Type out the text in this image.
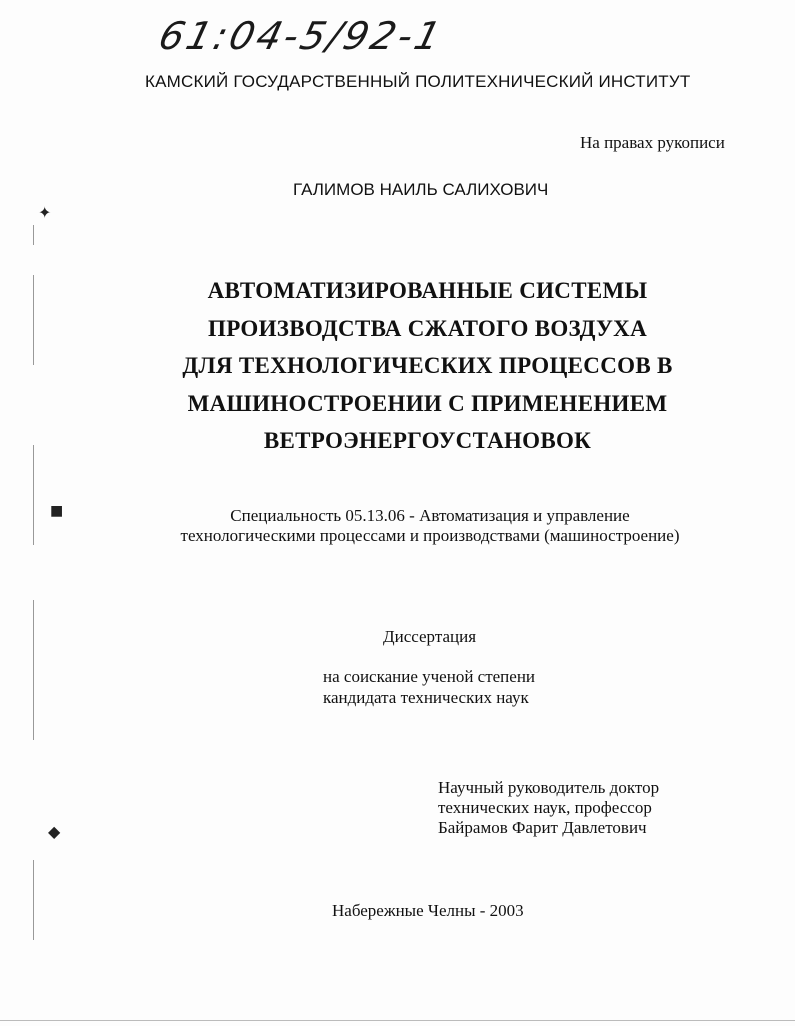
61:04-5/92-1
КАМСКИЙ ГОСУДАРСТВЕННЫЙ ПОЛИТЕХНИЧЕСКИЙ ИНСТИТУТ
На правах рукописи
ГАЛИМОВ НАИЛЬ САЛИХОВИЧ
АВТОМАТИЗИРОВАННЫЕ СИСТЕМЫ
ПРОИЗВОДСТВА СЖАТОГО ВОЗДУХА
ДЛЯ ТЕХНОЛОГИЧЕСКИХ ПРОЦЕССОВ В
МАШИНОСТРОЕНИИ С ПРИМЕНЕНИЕМ
ВЕТРОЭНЕРГОУСТАНОВОК
Специальность 05.13.06 - Автоматизация и управление
технологическими процессами и производствами (машиностроение)
Диссертация
на соискание ученой степени
кандидата технических наук
Научный руководитель доктор
технических наук, профессор
Байрамов Фарит Давлетович
Набережные Челны - 2003
✦
■
◆
